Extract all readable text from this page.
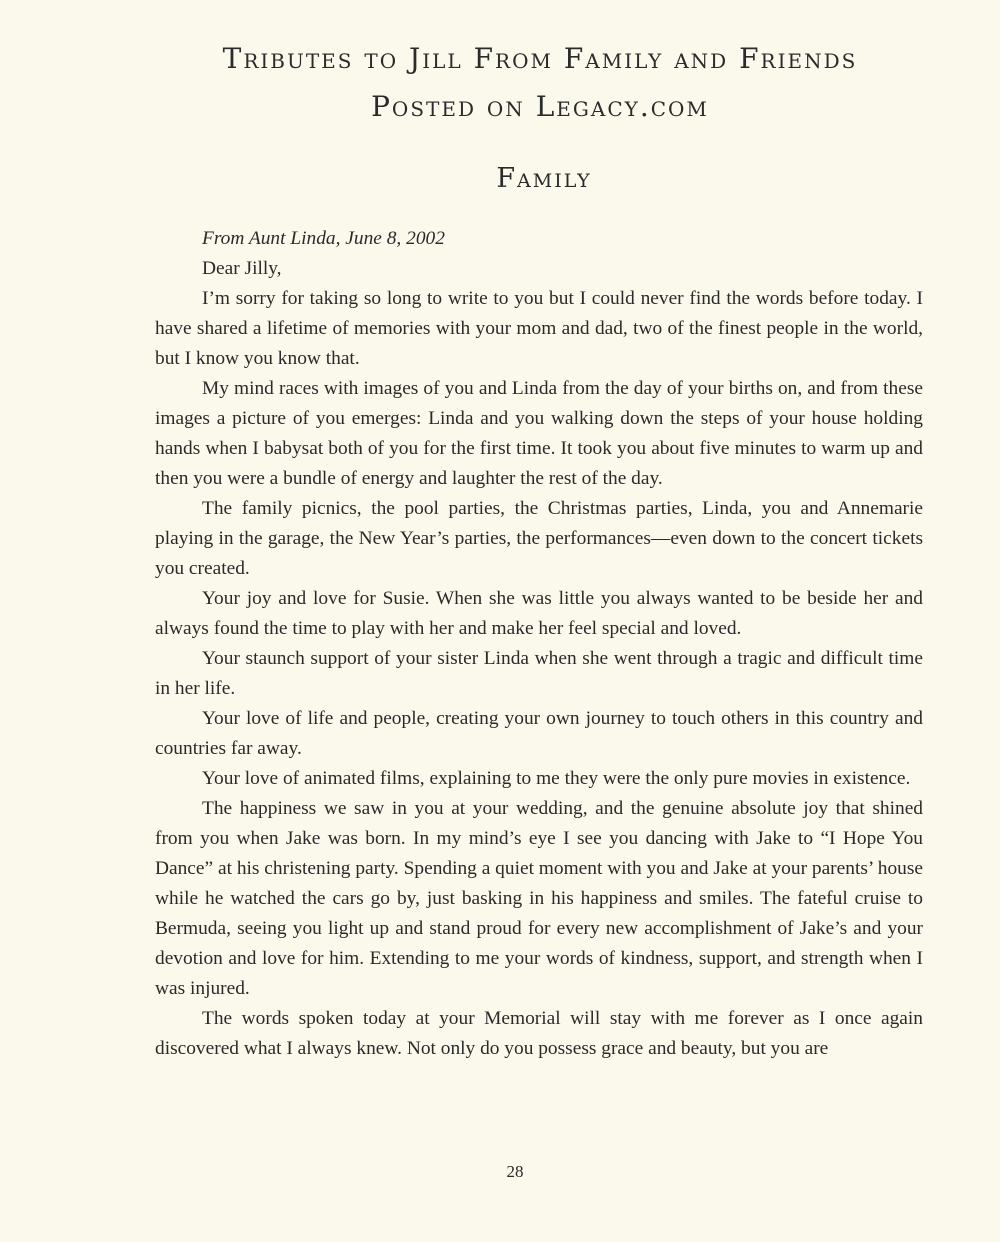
Tributes to Jill From Family and Friends
Posted on Legacy.com
Family

From Aunt Linda, June 8, 2002

Dear Jilly,

I’m sorry for taking so long to write to you but I could never find the words before today. I have shared a lifetime of memories with your mom and dad, two of the finest people in the world, but I know you know that.

My mind races with images of you and Linda from the day of your births on, and from these images a picture of you emerges: Linda and you walking down the steps of your house holding hands when I babysat both of you for the first time. It took you about five minutes to warm up and then you were a bundle of energy and laughter the rest of the day.

The family picnics, the pool parties, the Christmas parties, Linda, you and Annemarie playing in the garage, the New Year’s parties, the performances—even down to the concert tickets you created.

Your joy and love for Susie. When she was little you always wanted to be beside her and always found the time to play with her and make her feel special and loved.

Your staunch support of your sister Linda when she went through a tragic and difficult time in her life.

Your love of life and people, creating your own journey to touch others in this country and countries far away.

Your love of animated films, explaining to me they were the only pure movies in existence.

The happiness we saw in you at your wedding, and the genuine absolute joy that shined from you when Jake was born. In my mind’s eye I see you dancing with Jake to “I Hope You Dance” at his christening party. Spending a quiet moment with you and Jake at your parents’ house while he watched the cars go by, just basking in his happiness and smiles. The fateful cruise to Bermuda, seeing you light up and stand proud for every new accomplishment of Jake’s and your devotion and love for him. Extending to me your words of kindness, support, and strength when I was injured.

The words spoken today at your Memorial will stay with me forever as I once again discovered what I always knew. Not only do you possess grace and beauty, but you are

28
